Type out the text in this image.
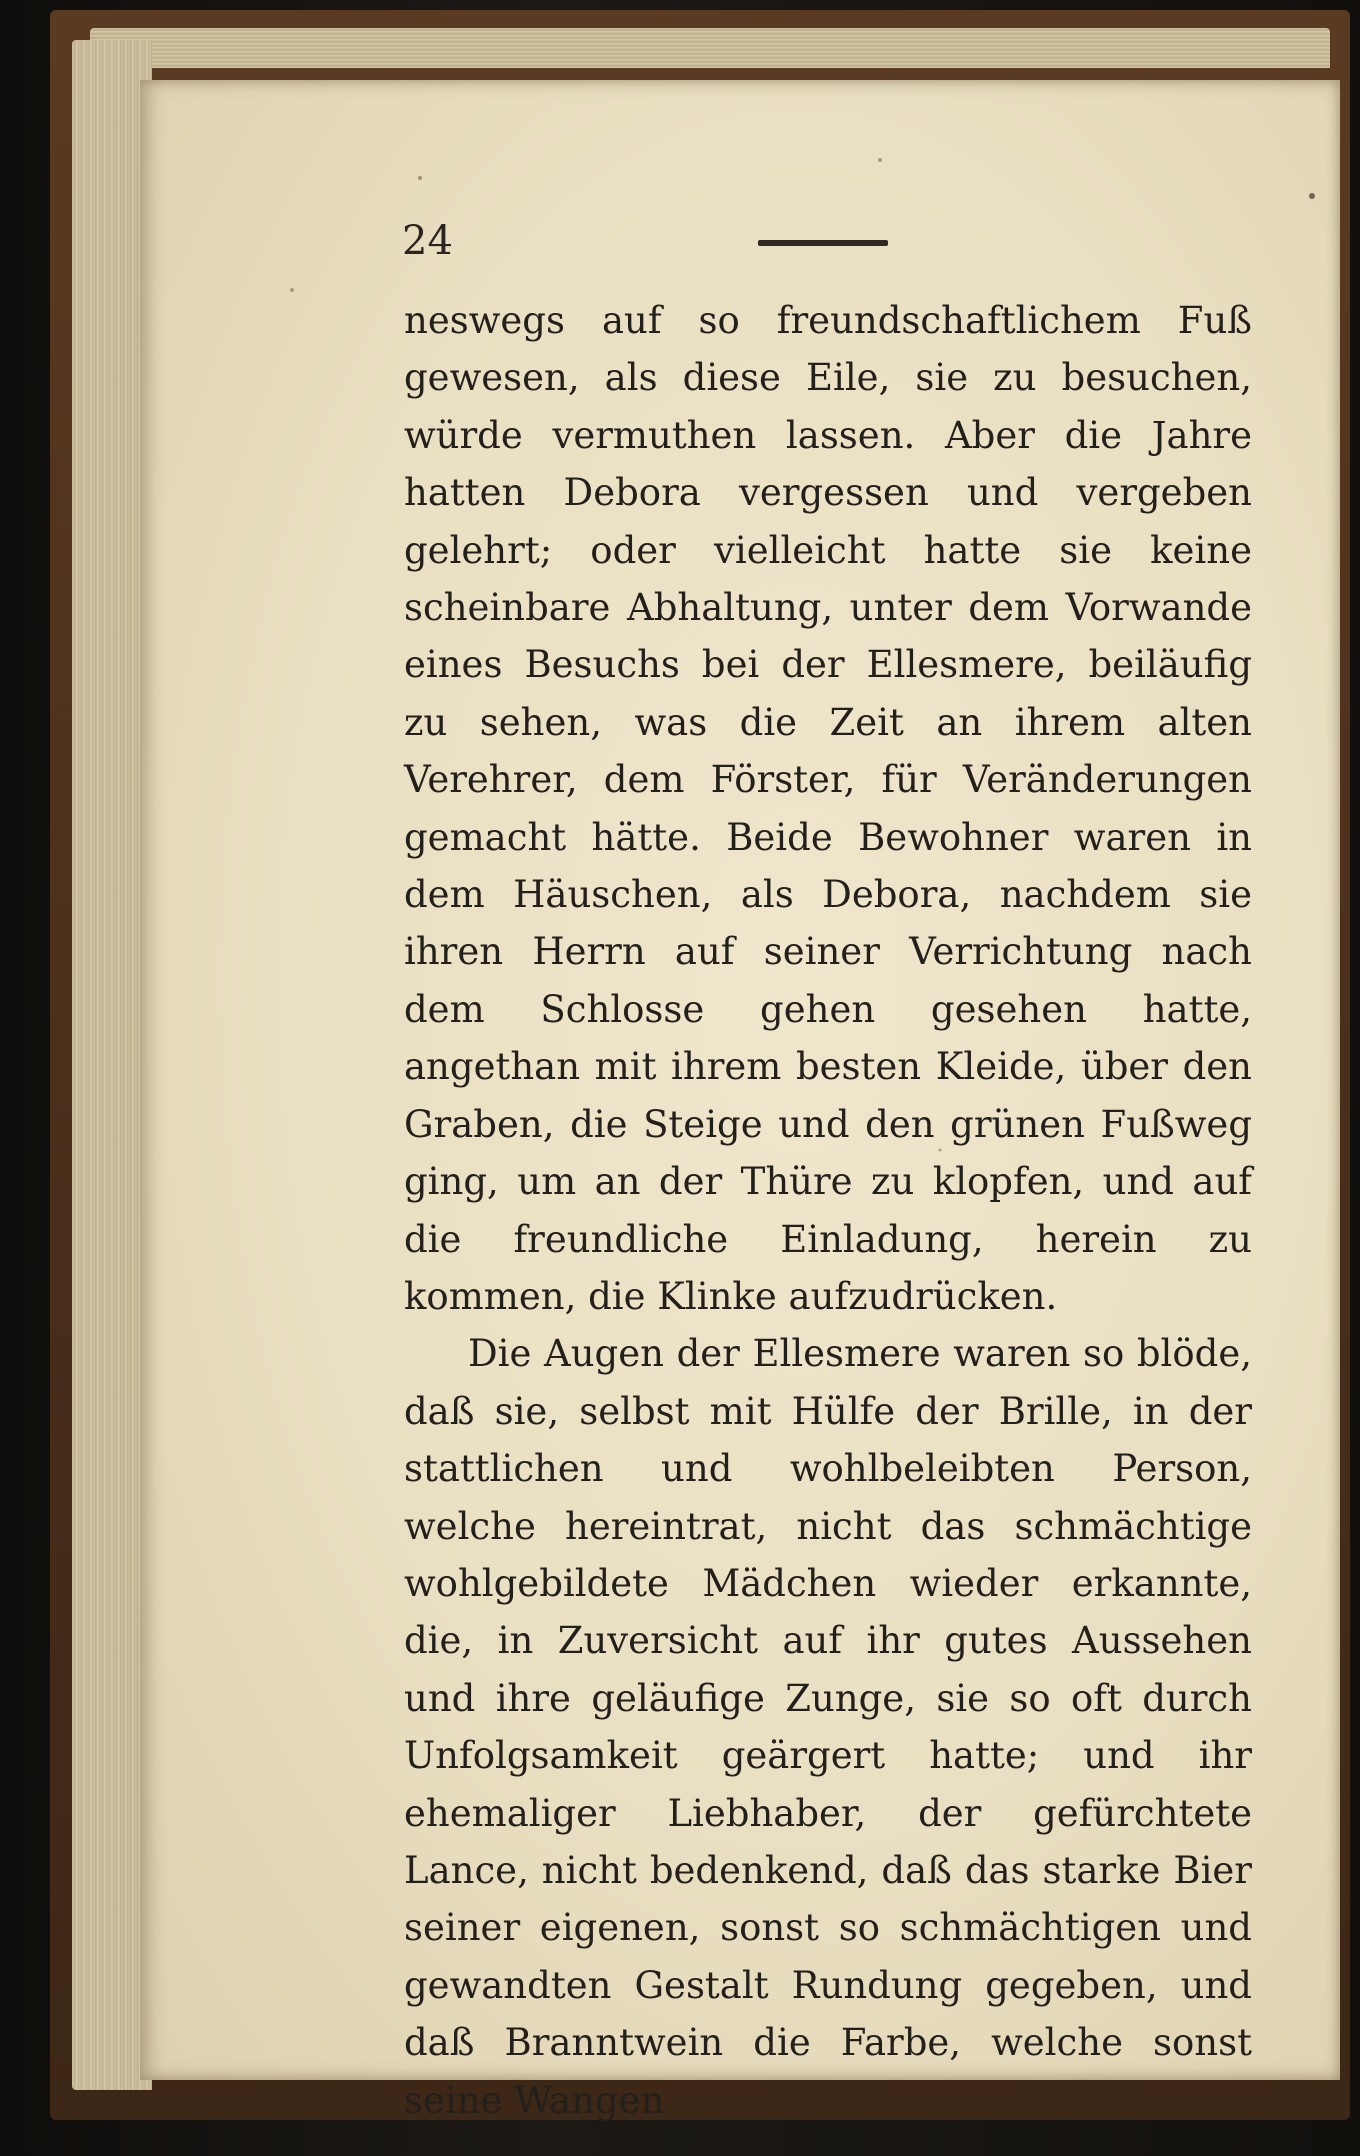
24

neswegs auf so freundschaftlichem Fuß gewesen, als diese Eile, sie zu besuchen, würde vermuthen lassen. Aber die Jahre hatten Debora vergessen und vergeben gelehrt; oder vielleicht hatte sie keine scheinbare Abhaltung, unter dem Vorwande eines Besuchs bei der Ellesmere, beiläufig zu sehen, was die Zeit an ihrem alten Verehrer, dem Förster, für Veränderungen gemacht hätte. Beide Bewohner waren in dem Häuschen, als Debora, nachdem sie ihren Herrn auf seiner Verrichtung nach dem Schlosse gehen gesehen hatte, angethan mit ihrem besten Kleide, über den Graben, die Steige und den grünen Fußweg ging, um an der Thüre zu klopfen, und auf die freundliche Einladung, herein zu kommen, die Klinke aufzudrücken.

Die Augen der Ellesmere waren so blöde, daß sie, selbst mit Hülfe der Brille, in der stattlichen und wohlbeleibten Person, welche hereintrat, nicht das schmächtige wohlgebildete Mädchen wieder erkannte, die, in Zuversicht auf ihr gutes Aussehen und ihre geläufige Zunge, sie so oft durch Unfolgsamkeit geärgert hatte; und ihr ehemaliger Liebhaber, der gefürchtete Lance, nicht bedenkend, daß das starke Bier seiner eigenen, sonst so schmächtigen und gewandten Gestalt Rundung gegeben, und daß Branntwein die Farbe, welche sonst seine Wangen
